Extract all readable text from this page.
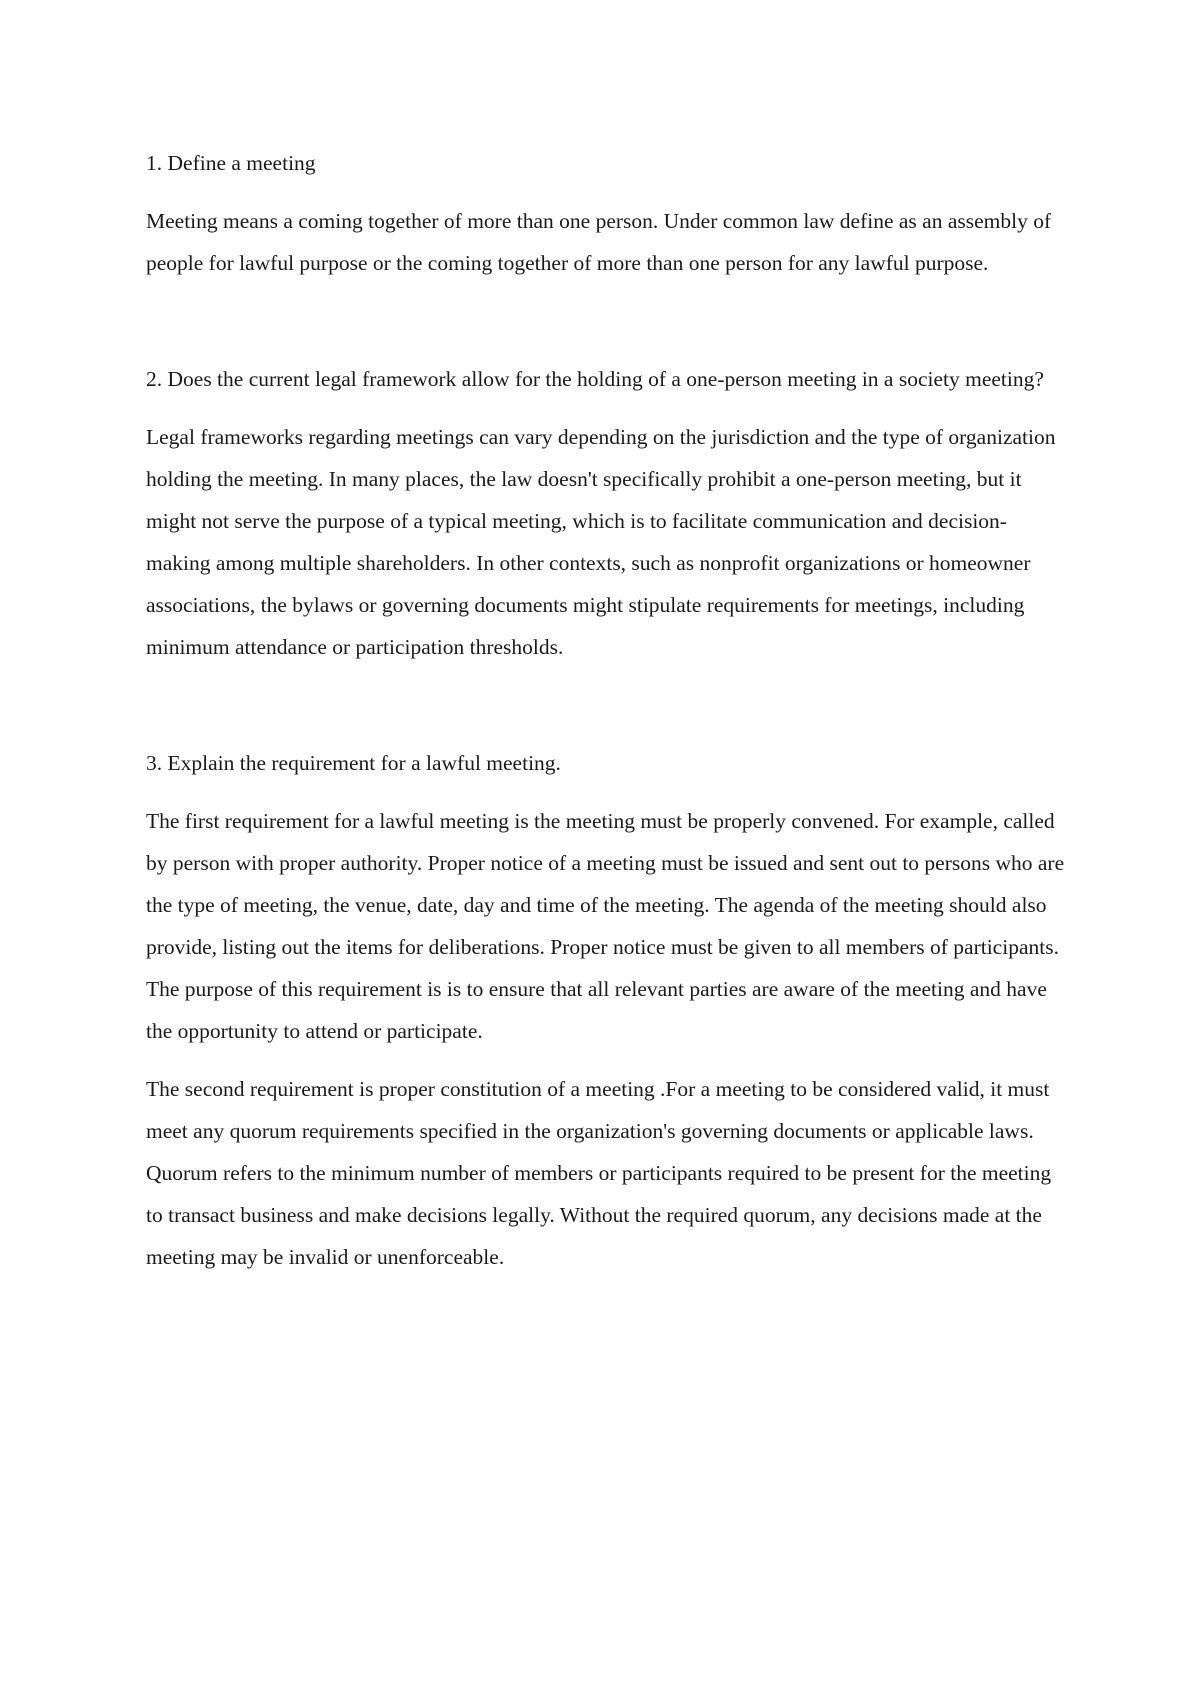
1. Define a meeting

Meeting means a coming together of more than one person. Under common law define as an assembly of people for lawful purpose or the coming together of more than one person for any lawful purpose.

2. Does the current legal framework allow for the holding of a one-person meeting in a society meeting?

Legal frameworks regarding meetings can vary depending on the jurisdiction and the type of organization holding the meeting. In many places, the law doesn't specifically prohibit a one-person meeting, but it might not serve the purpose of a typical meeting, which is to facilitate communication and decision-making among multiple shareholders. In other contexts, such as nonprofit organizations or homeowner associations, the bylaws or governing documents might stipulate requirements for meetings, including minimum attendance or participation thresholds.

3. Explain the requirement for a lawful meeting.

The first requirement for a lawful meeting is the meeting must be properly convened. For example, called by person with proper authority. Proper notice of a meeting must be issued and sent out to persons who are the type of meeting, the venue, date, day and time of the meeting. The agenda of the meeting should also provide, listing out the items for deliberations. Proper notice must be given to all members of participants. The purpose of this requirement is is to ensure that all relevant parties are aware of the meeting and have the opportunity to attend or participate.

The second requirement is proper constitution of a meeting .For a meeting to be considered valid, it must meet any quorum requirements specified in the organization's governing documents or applicable laws. Quorum refers to the minimum number of members or participants required to be present for the meeting to transact business and make decisions legally. Without the required quorum, any decisions made at the meeting may be invalid or unenforceable.
